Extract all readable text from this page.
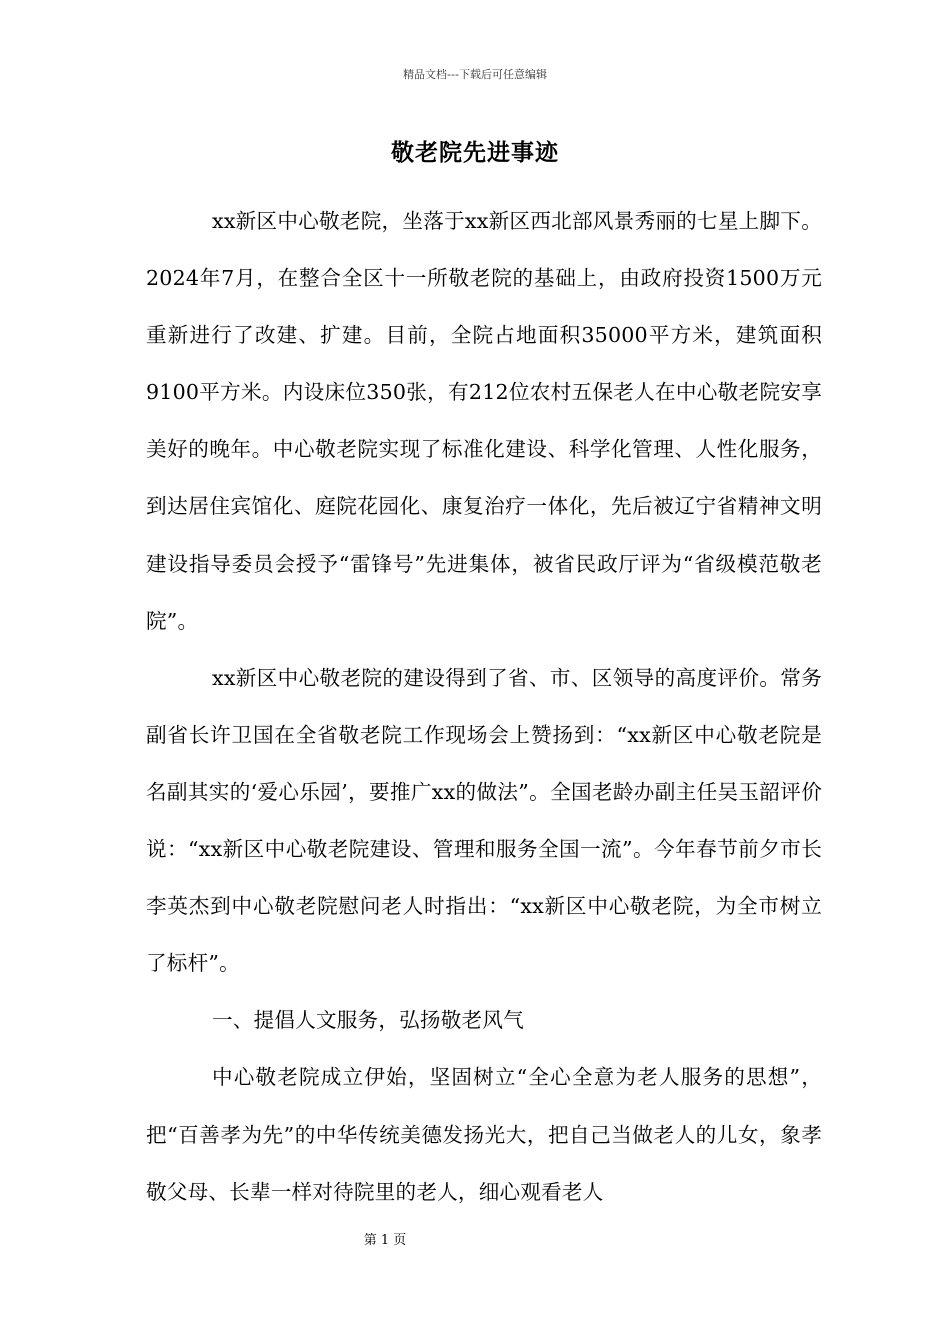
精品文档---下载后可任意编辑
敬老院先进事迹

xx新区中心敬老院，坐落于xx新区西北部风景秀丽的七星上脚下。2024年7月，在整合全区十一所敬老院的基础上，由政府投资1500万元重新进行了改建、扩建。目前，全院占地面积35000平方米，建筑面积9100平方米。内设床位350张，有212位农村五保老人在中心敬老院安享美好的晚年。中心敬老院实现了标准化建设、科学化管理、人性化服务，到达居住宾馆化、庭院花园化、康复治疗一体化，先后被辽宁省精神文明建设指导委员会授予“雷锋号”先进集体，被省民政厅评为“省级模范敬老院”。

xx新区中心敬老院的建设得到了省、市、区领导的高度评价。常务副省长许卫国在全省敬老院工作现场会上赞扬到：“xx新区中心敬老院是名副其实的‘爱心乐园’，要推广xx的做法”。全国老龄办副主任吴玉韶评价说：“xx新区中心敬老院建设、管理和服务全国一流”。今年春节前夕市长李英杰到中心敬老院慰问老人时指出：“xx新区中心敬老院，为全市树立了标杆”。

一、提倡人文服务，弘扬敬老风气

中心敬老院成立伊始，坚固树立“全心全意为老人服务的思想”，把“百善孝为先”的中华传统美德发扬光大，把自己当做老人的儿女，象孝敬父母、长辈一样对待院里的老人，细心观看老人

第 1 页
